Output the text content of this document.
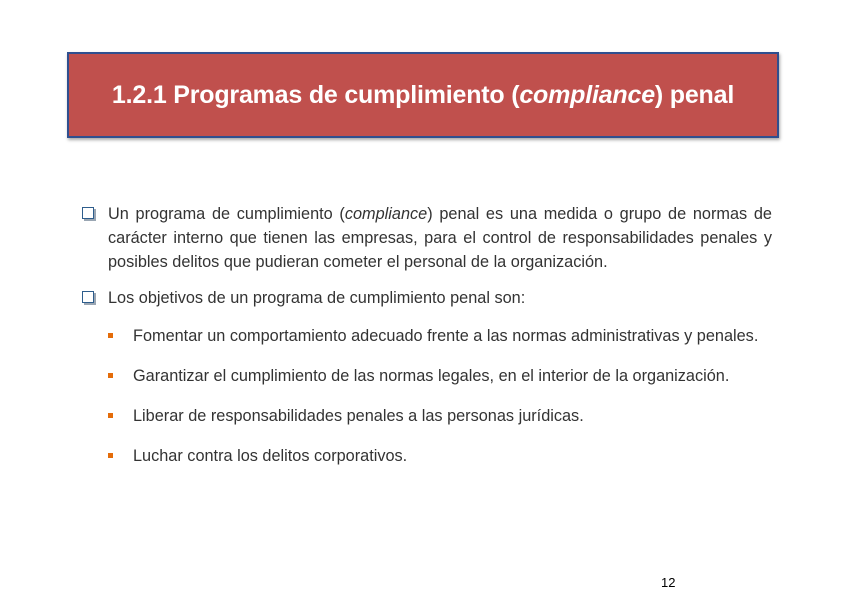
1.2.1 Programas de cumplimiento (compliance) penal
Un programa de cumplimiento (compliance) penal es una medida o grupo de normas de carácter interno que tienen las empresas, para el control de responsabilidades penales y posibles delitos que pudieran cometer el personal de la organización.
Los objetivos de un programa de cumplimiento penal son:
Fomentar un comportamiento adecuado frente a las normas administrativas y penales.
Garantizar el cumplimiento de las normas legales, en el interior de la organización.
Liberar de responsabilidades penales a las personas jurídicas.
Luchar contra los delitos corporativos.
12
